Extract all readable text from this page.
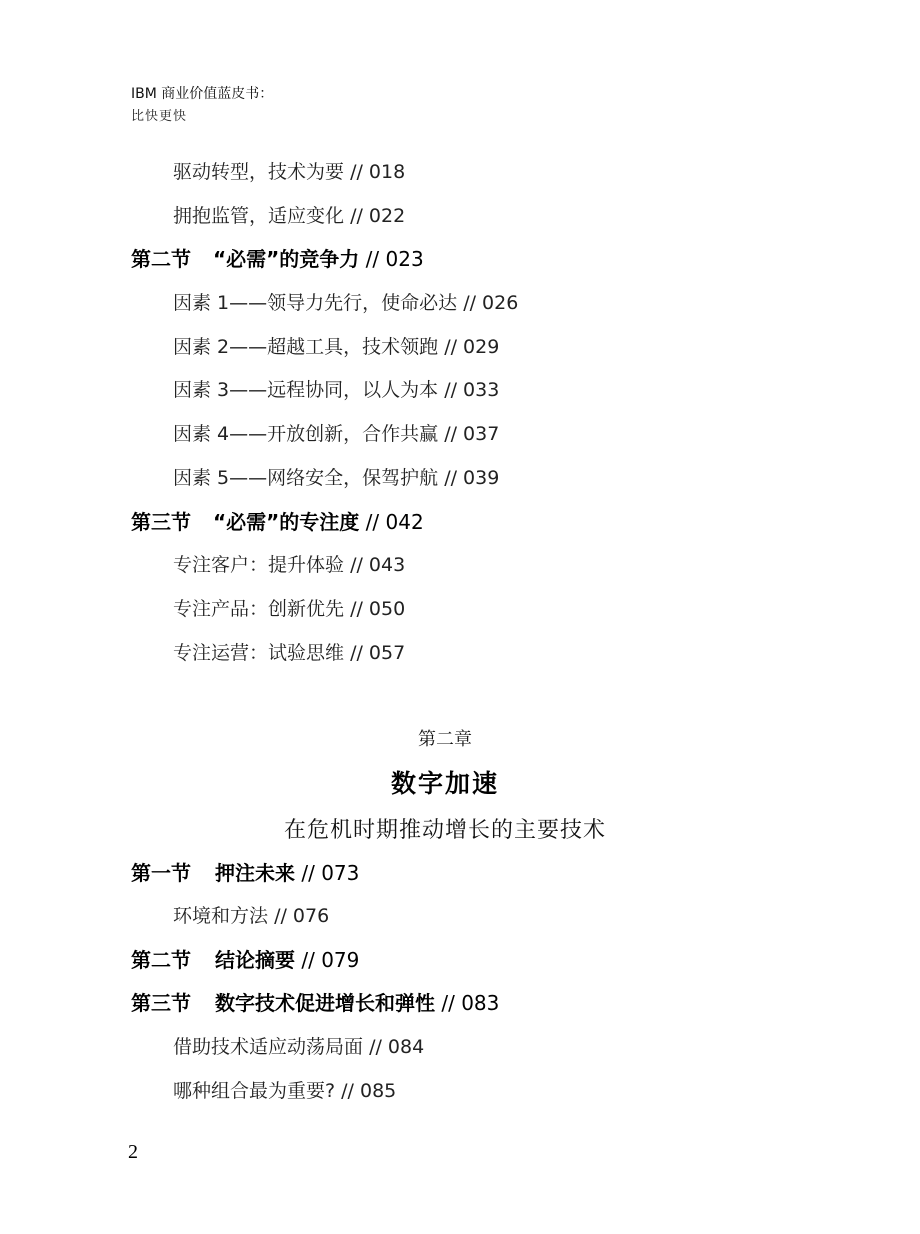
IBM 商业价值蓝皮书：
比快更快
驱动转型，技术为要 // 018
拥抱监管，适应变化 // 022
第二节 “必需”的竞争力 // 023
因素 1——领导力先行，使命必达 // 026
因素 2——超越工具，技术领跑 // 029
因素 3——远程协同，以人为本 // 033
因素 4——开放创新，合作共赢 // 037
因素 5——网络安全，保驾护航 // 039
第三节 “必需”的专注度 // 042
专注客户：提升体验 // 043
专注产品：创新优先 // 050
专注运营：试验思维 // 057
第二章
数字加速
在危机时期推动增长的主要技术
第一节 押注未来 // 073
环境和方法 // 076
第二节 结论摘要 // 079
第三节 数字技术促进增长和弹性 // 083
借助技术适应动荡局面 // 084
哪种组合最为重要? // 085
2
